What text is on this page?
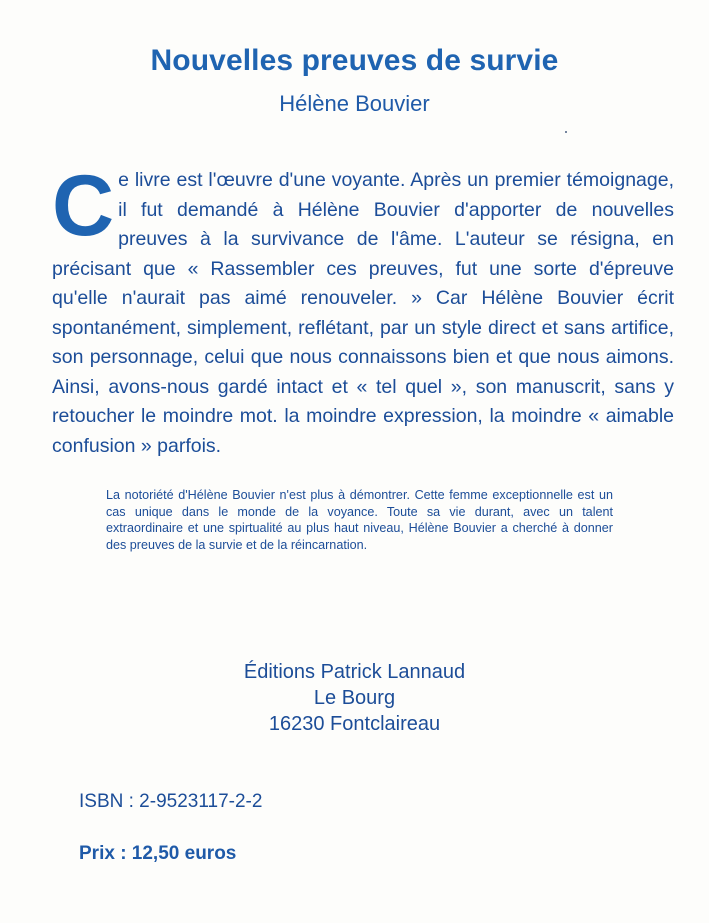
Nouvelles preuves de survie
Hélène Bouvier
C e livre est l'œuvre d'une voyante. Après un premier témoignage, il fut demandé à Hélène Bouvier d'apporter de nouvelles preuves à la survivance de l'âme. L'auteur se résigna, en précisant que « Rassembler ces preuves, fut une sorte d'épreuve qu'elle n'aurait pas aimé renouveler. » Car Hélène Bouvier écrit spontanément, simplement, reflétant, par un style direct et sans artifice, son personnage, celui que nous connaissons bien et que nous aimons. Ainsi, avons-nous gardé intact et « tel quel », son manuscrit, sans y retoucher le moindre mot. la moindre expression, la moindre « aimable confusion » parfois.
La notoriété d'Hélène Bouvier n'est plus à démontrer. Cette femme exceptionnelle est un cas unique dans le monde de la voyance. Toute sa vie durant, avec un talent extraordinaire et une spirtualité au plus haut niveau, Hélène Bouvier a cherché à donner des preuves de la survie et de la réincarnation.
Éditions Patrick Lannaud
Le Bourg
16230 Fontclaireau
ISBN : 2-9523117-2-2
Prix : 12,50 euros
